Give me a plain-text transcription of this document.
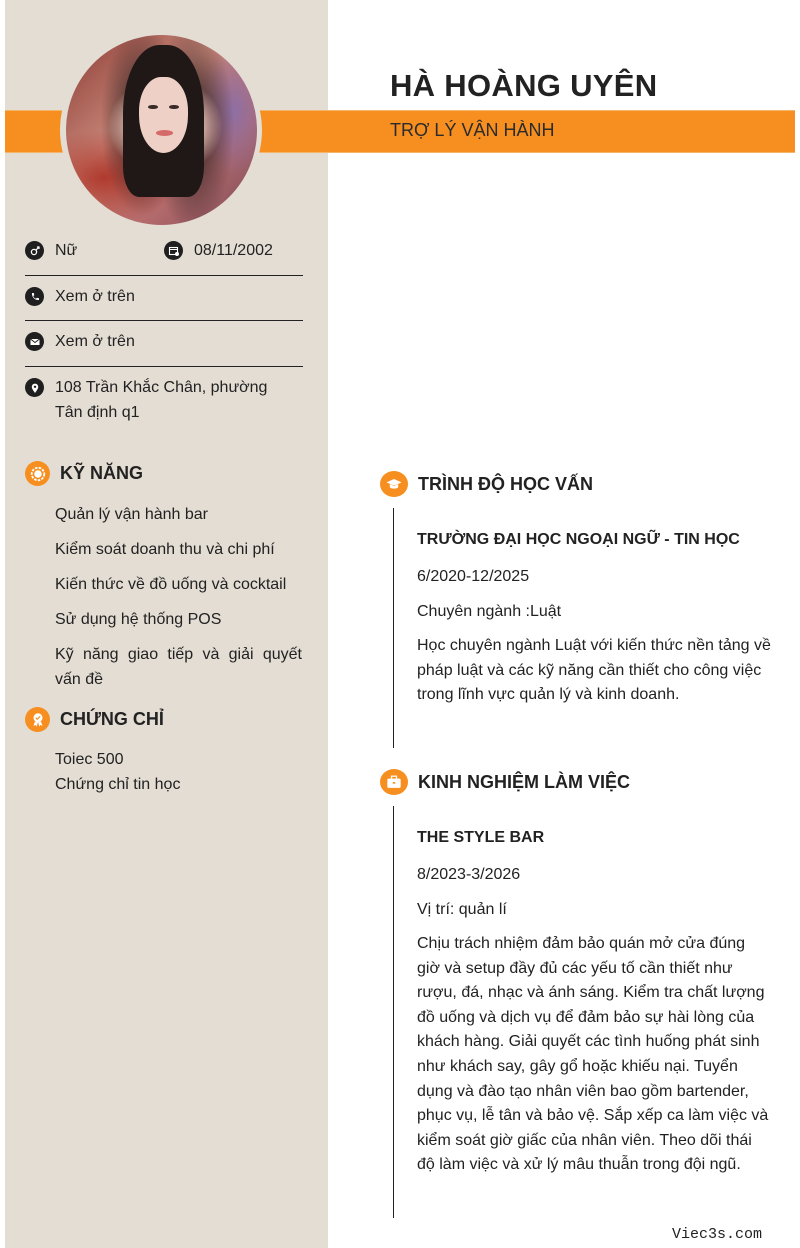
HÀ HOÀNG UYÊN
TRỢ LÝ VẬN HÀNH
Nữ	08/11/2002
Xem ở trên
Xem ở trên
108 Trần Khắc Chân, phường
Tân định q1
KỸ NĂNG
Quản lý vận hành bar
Kiểm soát doanh thu và chi phí
Kiến thức về đồ uống và cocktail
Sử dụng hệ thống POS
Kỹ năng giao tiếp và giải quyết vấn đề
CHỨNG CHỈ
Toiec 500
Chứng chỉ tin học
TRÌNH ĐỘ HỌC VẤN
TRƯỜNG ĐẠI HỌC NGOẠI NGỮ - TIN HỌC
6/2020-12/2025
Chuyên ngành :Luật
Học chuyên ngành Luật với kiến thức nền tảng về pháp luật và các kỹ năng cần thiết cho công việc trong lĩnh vực quản lý và kinh doanh.
KINH NGHIỆM LÀM VIỆC
THE STYLE BAR
8/2023-3/2026
Vị trí: quản lí
Chịu trách nhiệm đảm bảo quán mở cửa đúng giờ và setup đầy đủ các yếu tố cần thiết như rượu, đá, nhạc và ánh sáng. Kiểm tra chất lượng đồ uống và dịch vụ để đảm bảo sự hài lòng của khách hàng. Giải quyết các tình huống phát sinh như khách say, gây gổ hoặc khiếu nại. Tuyển dụng và đào tạo nhân viên bao gồm bartender, phục vụ, lễ tân và bảo vệ. Sắp xếp ca làm việc và kiểm soát giờ giấc của nhân viên. Theo dõi thái độ làm việc và xử lý mâu thuẫn trong đội ngũ.
Viec3s.com
